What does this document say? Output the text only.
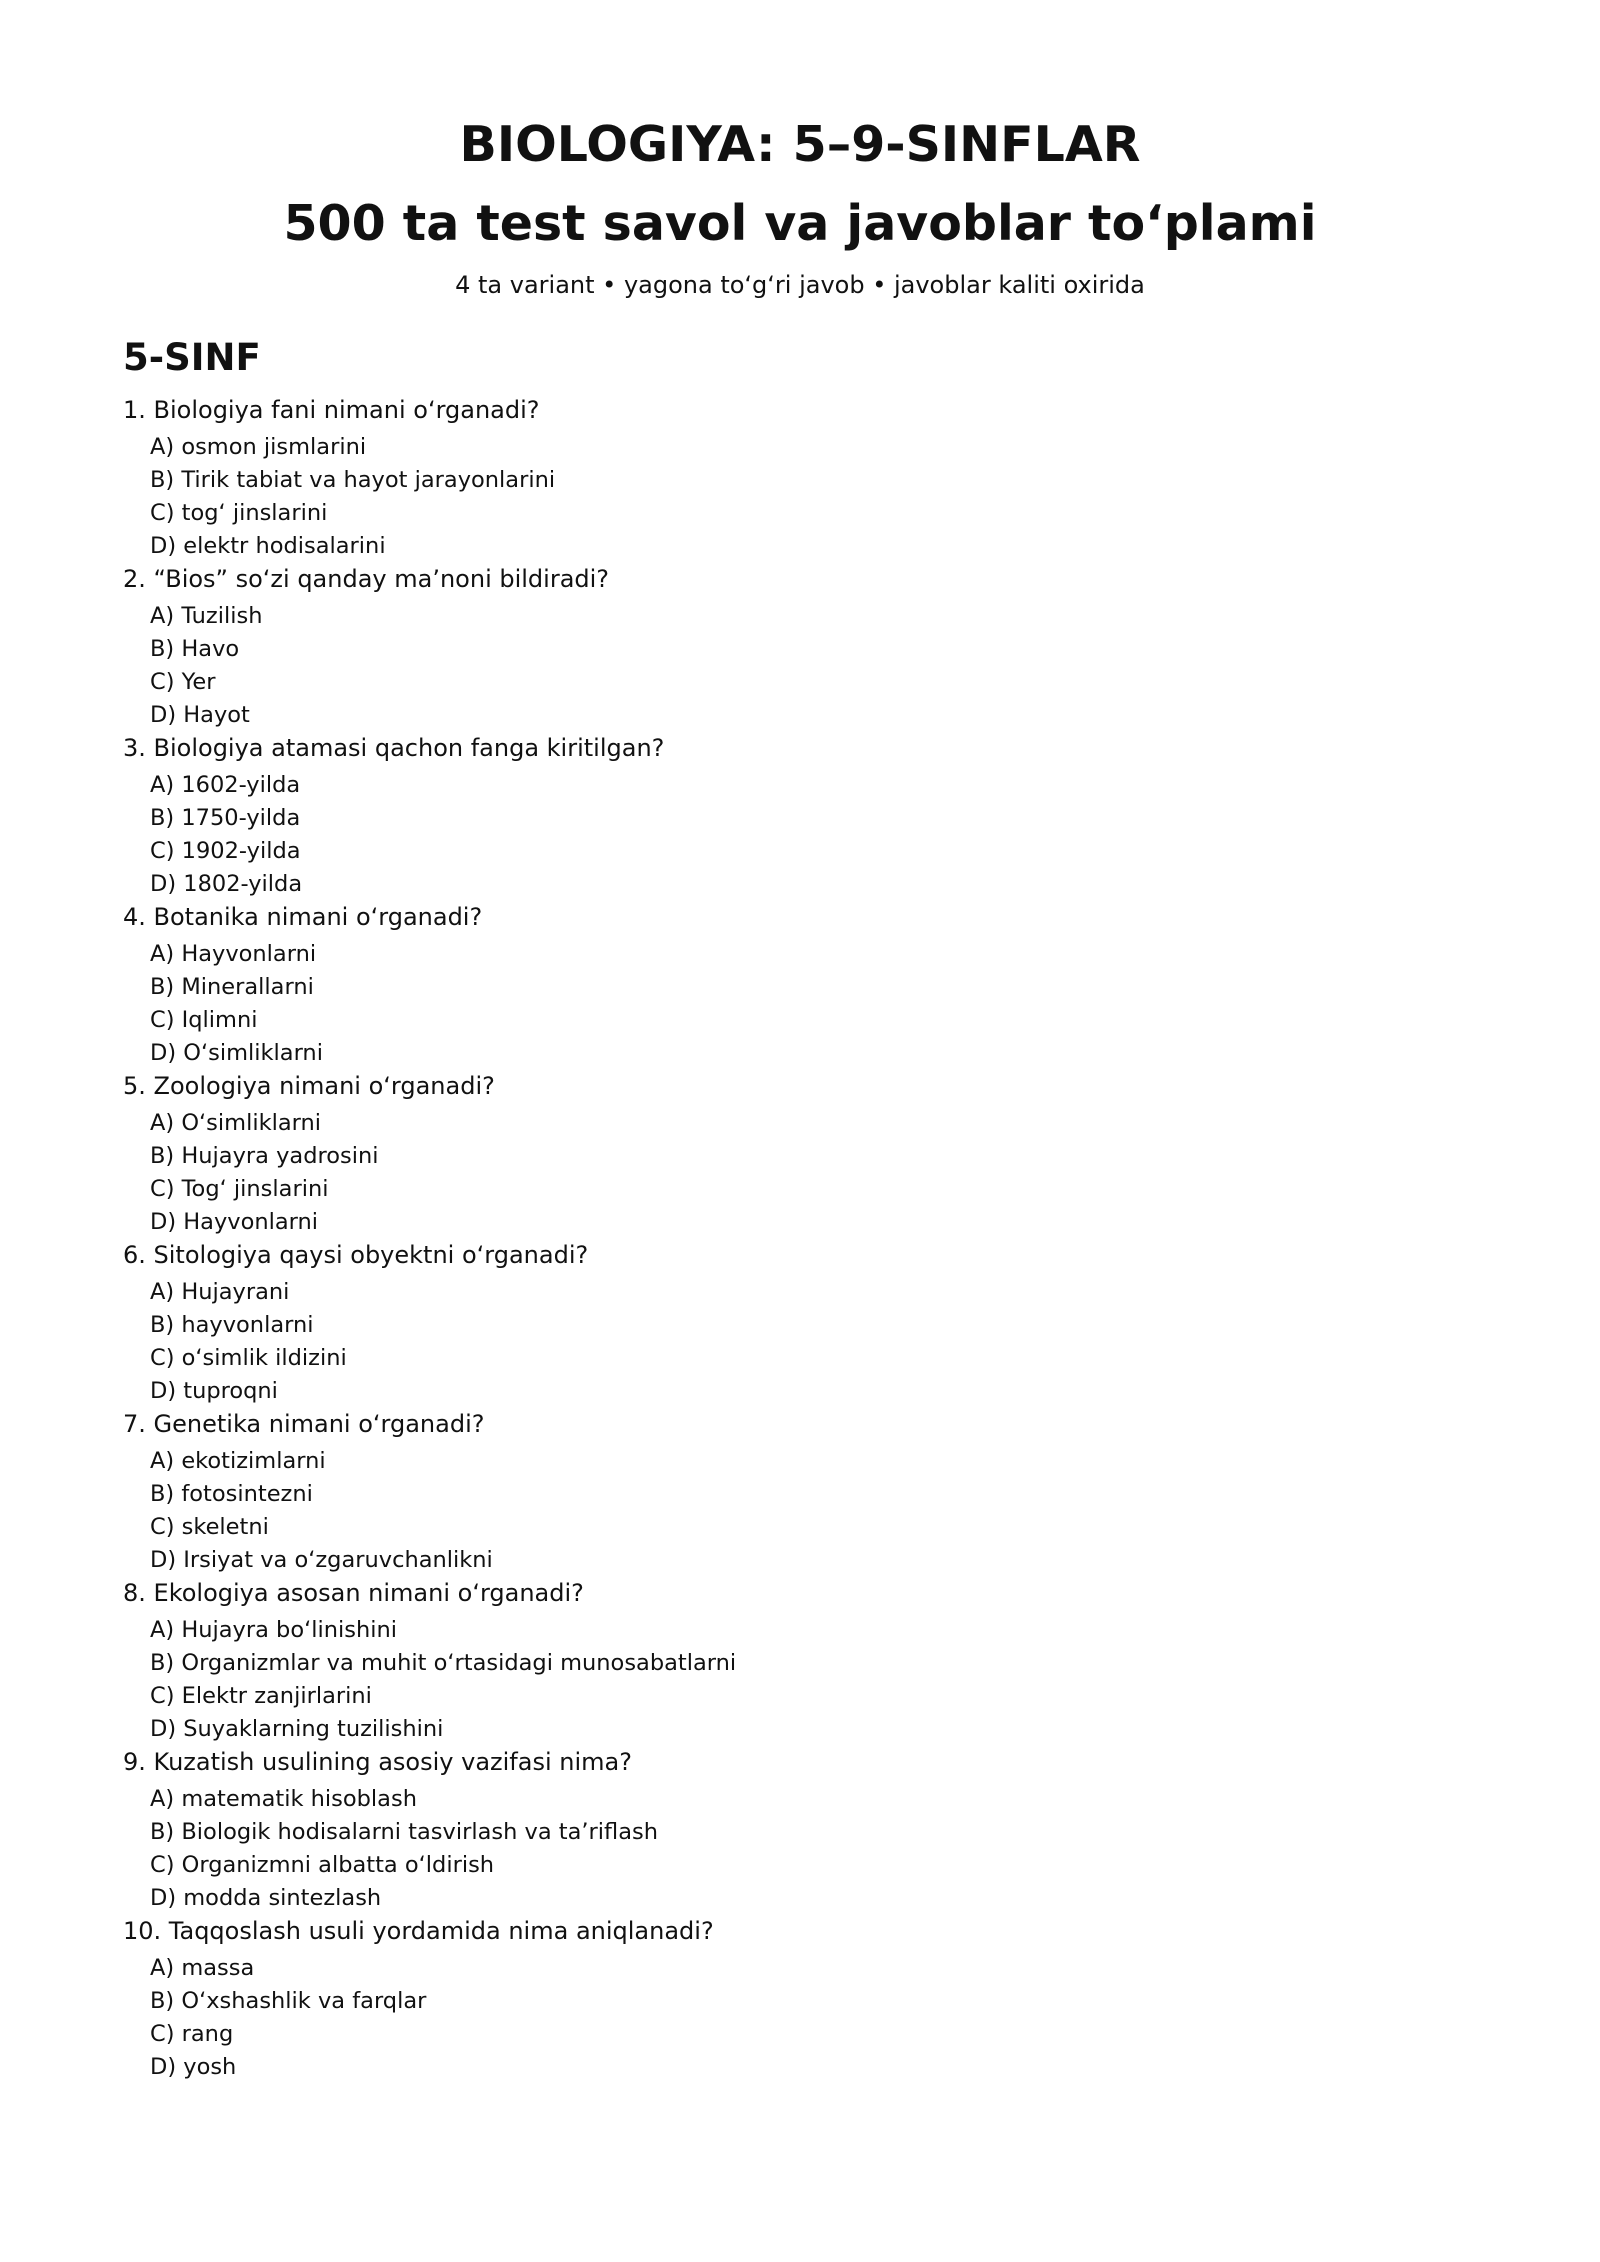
BIOLOGIYA: 5–9-SINFLAR
500 ta test savol va javoblar to‘plami
4 ta variant • yagona to‘g‘ri javob • javoblar kaliti oxirida
5-SINF
1. Biologiya fani nimani o‘rganadi?
A) osmon jismlarini
B) Tirik tabiat va hayot jarayonlarini
C) tog‘ jinslarini
D) elektr hodisalarini
2. “Bios” so‘zi qanday ma’noni bildiradi?
A) Tuzilish
B) Havo
C) Yer
D) Hayot
3. Biologiya atamasi qachon fanga kiritilgan?
A) 1602-yilda
B) 1750-yilda
C) 1902-yilda
D) 1802-yilda
4. Botanika nimani o‘rganadi?
A) Hayvonlarni
B) Minerallarni
C) Iqlimni
D) O‘simliklarni
5. Zoologiya nimani o‘rganadi?
A) O‘simliklarni
B) Hujayra yadrosini
C) Tog‘ jinslarini
D) Hayvonlarni
6. Sitologiya qaysi obyektni o‘rganadi?
A) Hujayrani
B) hayvonlarni
C) o‘simlik ildizini
D) tuproqni
7. Genetika nimani o‘rganadi?
A) ekotizimlarni
B) fotosintezni
C) skeletni
D) Irsiyat va o‘zgaruvchanlikni
8. Ekologiya asosan nimani o‘rganadi?
A) Hujayra bo‘linishini
B) Organizmlar va muhit o‘rtasidagi munosabatlarni
C) Elektr zanjirlarini
D) Suyaklarning tuzilishini
9. Kuzatish usulining asosiy vazifasi nima?
A) matematik hisoblash
B) Biologik hodisalarni tasvirlash va ta’riflash
C) Organizmni albatta o‘ldirish
D) modda sintezlash
10. Taqqoslash usuli yordamida nima aniqlanadi?
A) massa
B) O‘xshashlik va farqlar
C) rang
D) yosh
